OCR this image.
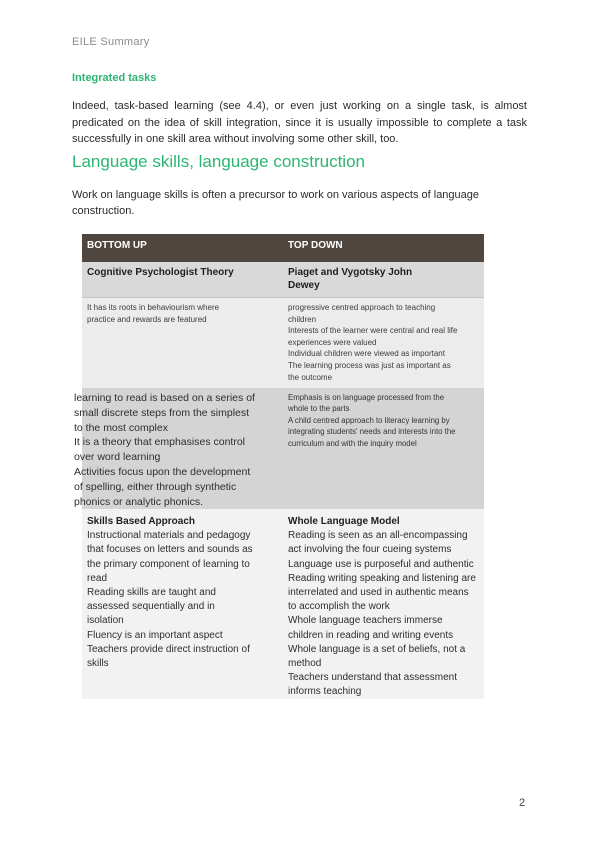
EILE Summary
Integrated tasks
Indeed, task-based learning (see 4.4), or even just working on a single task, is almost predicated on the idea of skill integration, since it is usually impossible to complete a task successfully in one skill area without involving some other skill, too.
Language skills, language construction
Work on language skills is often a precursor to work on various aspects of language construction.
BOTTOM UP	TOP DOWN
Cognitive Psychologist Theory	Piaget and Vygotsky John
Dewey
It has its roots in behaviourism where
practice and rewards are featured
progressive centred approach to teaching
children
Interests of the learner were central and real life
experiences were valued
Individual children were viewed as important
The learning process was just as important as
the outcome
learning to read is based on a series of
small discrete steps from the simplest
to the most complex
It is a theory that emphasises control
over word learning
Activities focus upon the development
of spelling, either through synthetic
phonics or analytic phonics.
Emphasis is on language processed from the
whole to the parts
A child centred approach to literacy learning by
integrating students' needs and interests into the
curriculum and with the inquiry model
Skills Based Approach
Instructional materials and pedagogy
that focuses on letters and sounds as
the primary component of learning to
read
Reading skills are taught and
assessed sequentially and in
isolation
Fluency is an important aspect
Teachers provide direct instruction of
skills
Whole Language Model
Reading is seen as an all-encompassing
act involving the four cueing systems
Language use is purposeful and authentic
Reading writing speaking and listening are
interrelated and used in authentic means
to accomplish the work
Whole language teachers immerse
children in reading and writing events
Whole language is a set of beliefs, not a
method
Teachers understand that assessment
informs teaching
2
